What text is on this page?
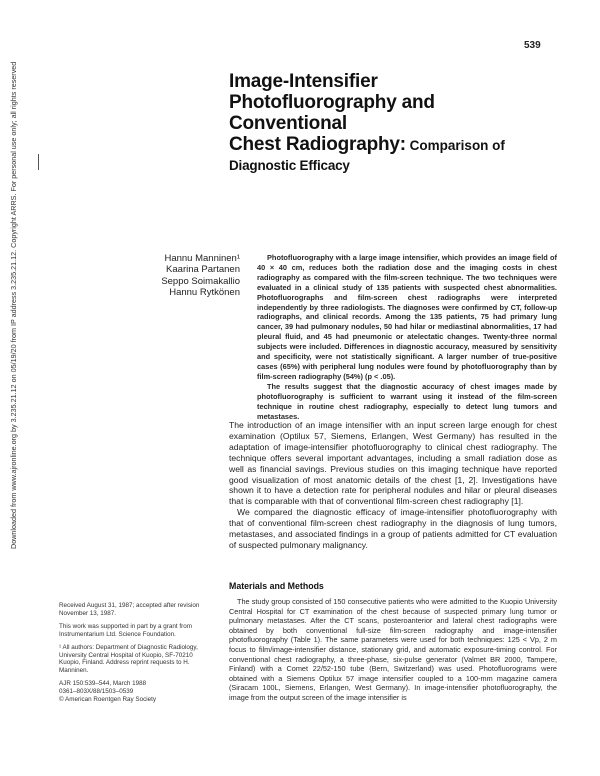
Downloaded from www.ajronline.org by 3.235.21.12 on 05/19/20 from IP address 3.235.21.12. Copyright ARRS. For personal use only; all rights reserved
539
Image-Intensifier
Photofluorography and
Conventional
Chest Radiography: Comparison of
Diagnostic Efficacy
Hannu Manninen¹
Kaarina Partanen
Seppo Soimakallio
Hannu Rytkönen

Photofluorography with a large image intensifier, which provides an image field of 40 × 40 cm, reduces both the radiation dose and the imaging costs in chest radiography as compared with the film-screen technique. The two techniques were evaluated in a clinical study of 135 patients with suspected chest abnormalities. Photofluorographs and film-screen chest radiographs were interpreted independently by three radiologists. The diagnoses were confirmed by CT, follow-up radiographs, and clinical records. Among the 135 patients, 75 had primary lung cancer, 39 had pulmonary nodules, 50 had hilar or mediastinal abnormalities, 17 had pleural fluid, and 45 had pneumonic or atelectatic changes. Twenty-three normal subjects were included. Differences in diagnostic accuracy, measured by sensitivity and specificity, were not statistically significant. A larger number of true-positive cases (65%) with peripheral lung nodules were found by photofluorography than by film-screen radiography (54%) (p < .05).

The results suggest that the diagnostic accuracy of chest images made by photofluorography is sufficient to warrant using it instead of the film-screen technique in routine chest radiography, especially to detect lung tumors and metastases.

The introduction of an image intensifier with an input screen large enough for chest examination (Optilux 57, Siemens, Erlangen, West Germany) has resulted in the adaptation of image-intensifier photofluorography to clinical chest radiography. The technique offers several important advantages, including a small radiation dose as well as financial savings. Previous studies on this imaging technique have reported good visualization of most anatomic details of the chest [1, 2]. Investigations have shown it to have a detection rate for peripheral nodules and hilar or pleural diseases that is comparable with that of conventional film-screen chest radiography [1].

We compared the diagnostic efficacy of image-intensifier photofluorography with that of conventional film-screen chest radiography in the diagnosis of lung tumors, metastases, and associated findings in a group of patients admitted for CT evaluation of suspected pulmonary malignancy.

Materials and Methods

The study group consisted of 150 consecutive patients who were admitted to the Kuopio University Central Hospital for CT examination of the chest because of suspected primary lung tumor or pulmonary metastases. After the CT scans, posteroanterior and lateral chest radiographs were obtained by both conventional full-size film-screen radiography and image-intensifier photofluorography (Table 1). The same parameters were used for both techniques: 125 < Vp, 2 m focus to film/image-intensifier distance, stationary grid, and automatic exposure-timing control. For conventional chest radiography, a three-phase, six-pulse generator (Valmet BR 2000, Tampere, Finland) with a Comet 22/52-150 tube (Bern, Switzerland) was used. Photofluorograms were obtained with a Siemens Optilux 57 image intensifier coupled to a 100-mm magazine camera (Siracam 100L, Siemens, Erlangen, West Germany). In image-intensifier photofluorography, the image from the output screen of the image intensifier is

Received August 31, 1987; accepted after revision November 13, 1987.

This work was supported in part by a grant from Instrumentarium Ltd. Science Foundation.

¹ All authors: Department of Diagnostic Radiology, University Central Hospital of Kuopio, SF-70210 Kuopio, Finland. Address reprint requests to H. Manninen.

AJR 150:539–544, March 1988

0361–803X/88/1503–0539

© American Roentgen Ray Society
